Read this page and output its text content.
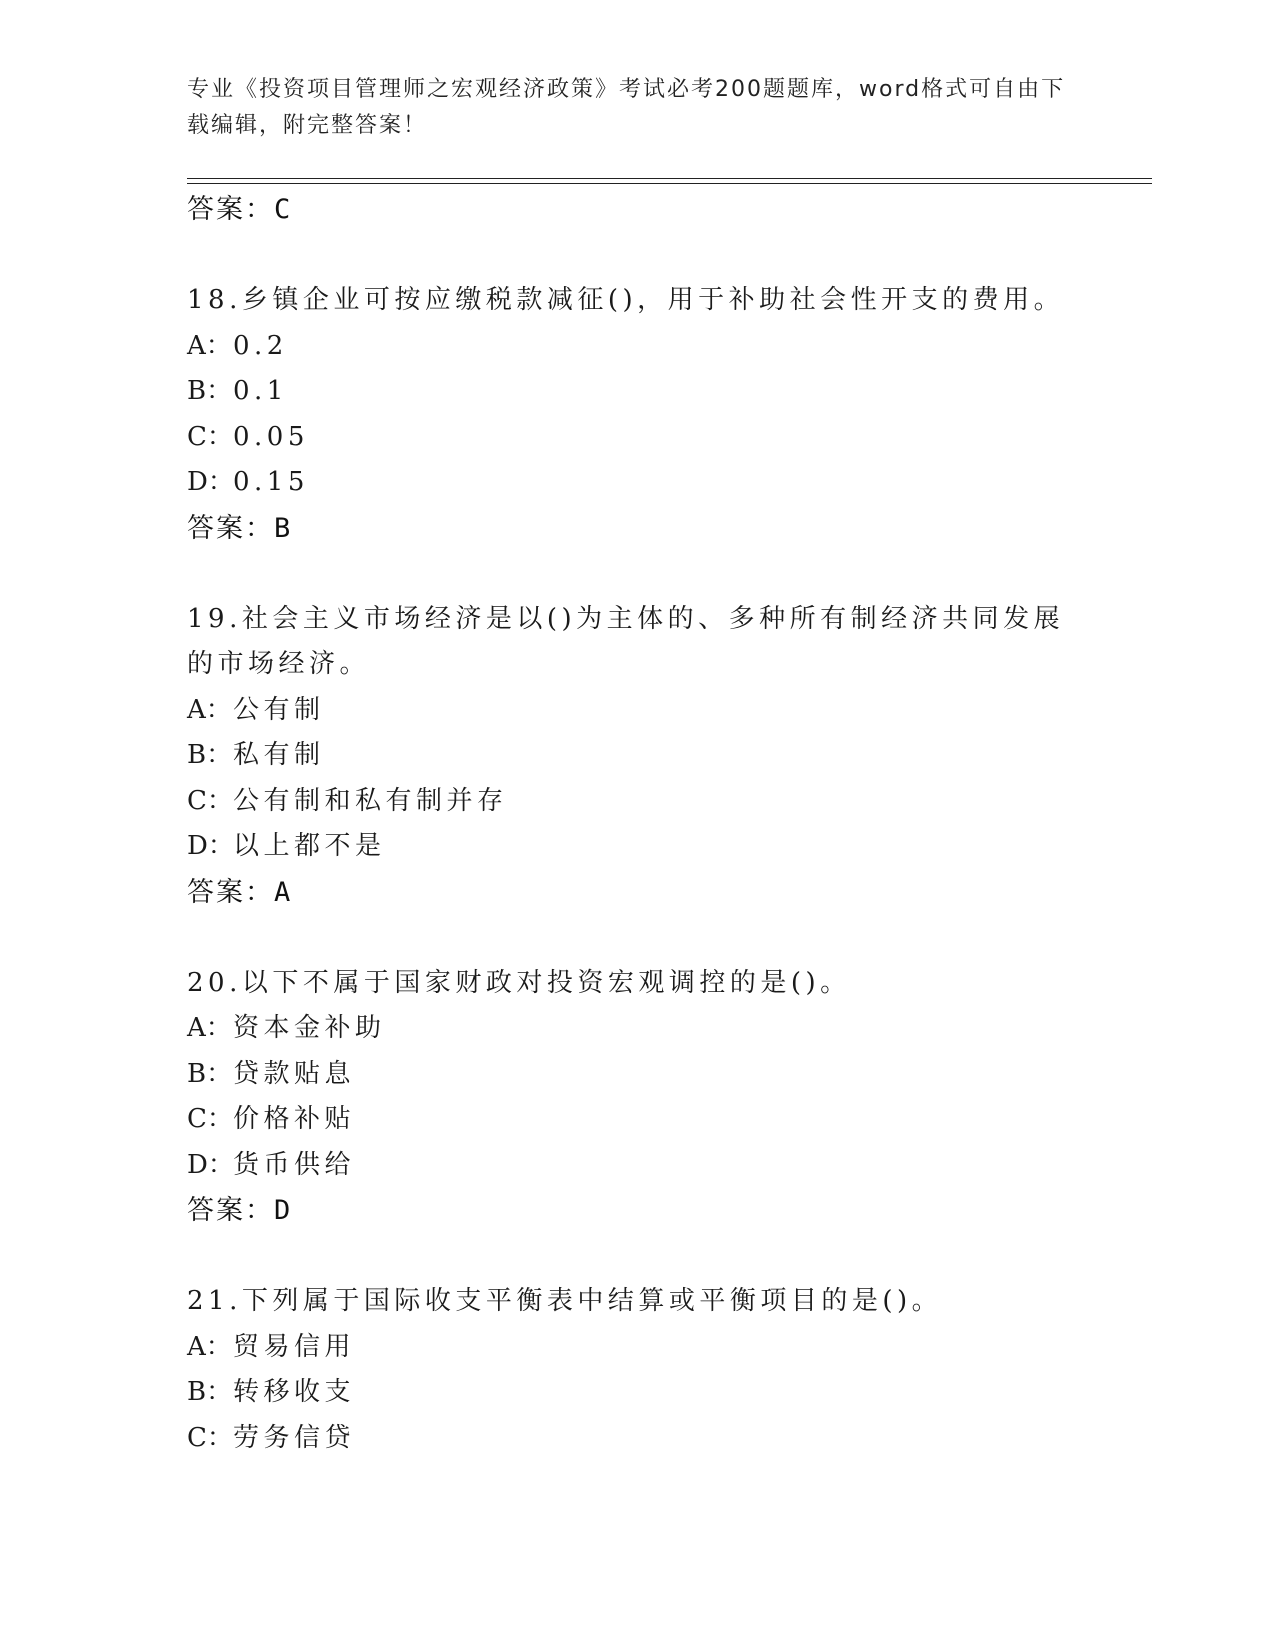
专业《投资项目管理师之宏观经济政策》考试必考200题题库，word格式可自由下载编辑，附完整答案！
答案：C
18.乡镇企业可按应缴税款减征()，用于补助社会性开支的费用。
A：0.2
B：0.1
C：0.05
D：0.15
答案：B
19.社会主义市场经济是以()为主体的、多种所有制经济共同发展的市场经济。
A：公有制
B：私有制
C：公有制和私有制并存
D：以上都不是
答案：A
20.以下不属于国家财政对投资宏观调控的是()。
A：资本金补助
B：贷款贴息
C：价格补贴
D：货币供给
答案：D
21.下列属于国际收支平衡表中结算或平衡项目的是()。
A：贸易信用
B：转移收支
C：劳务信贷
